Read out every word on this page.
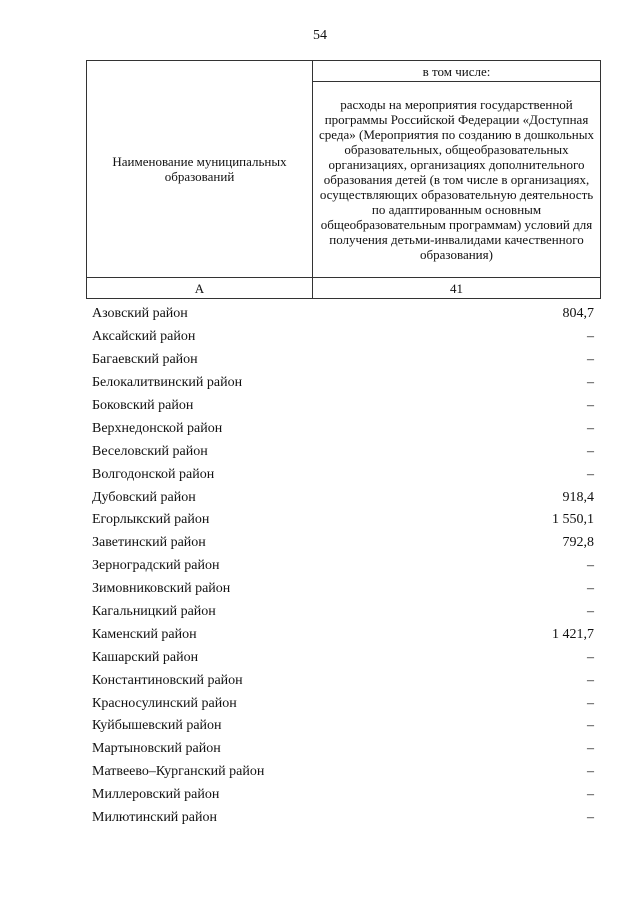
54
Наименование муниципальных образований	в том числе:
	расходы на мероприятия государственной программы Российской Федерации «Доступная среда» (Мероприятия по созданию в дошкольных образовательных, общеобразовательных организациях, организациях дополнительного образования детей (в том числе в организациях, осуществляющих образовательную деятельность по адаптированным основным общеобразовательным программам) условий для получения детьми-инвалидами качественного образования)
А	41
Азовский район	804,7
Аксайский район	–
Багаевский район	–
Белокалитвинский район	–
Боковский район	–
Верхнедонской район	–
Веселовский район	–
Волгодонской район	–
Дубовский район	918,4
Егорлыкский район	1 550,1
Заветинский район	792,8
Зерноградский район	–
Зимовниковский район	–
Кагальницкий район	–
Каменский район	1 421,7
Кашарский район	–
Константиновский район	–
Красносулинский район	–
Куйбышевский район	–
Мартыновский район	–
Матвеево–Курганский район	–
Миллеровский район	–
Милютинский район	–
